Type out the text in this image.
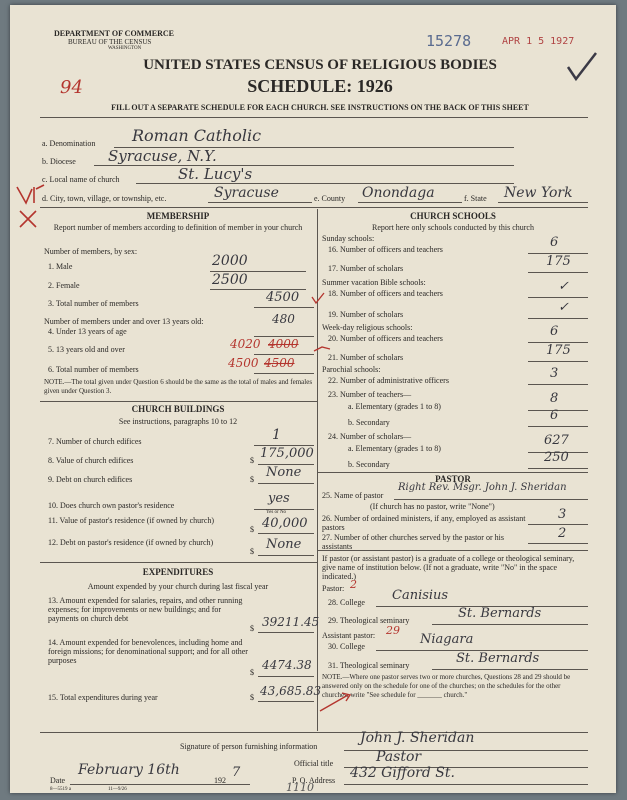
DEPARTMENT OF COMMERCE
BUREAU OF THE CENSUS
WASHINGTON	15278	APR 1 5 1927
UNITED STATES CENSUS OF RELIGIOUS BODIES
SCHEDULE: 1926
94
FILL OUT A SEPARATE SCHEDULE FOR EACH CHURCH. SEE INSTRUCTIONS ON THE BACK OF THIS SHEET
a. Denomination Roman Catholic
b. Diocese Syracuse, N.Y.
c. Local name of church	St. Lucy's
d. City, town, village, or township, etc.	Syracuse	e. County Onondaga	f. State New York
MEMBERSHIP
Report number of members according to definition of member in your church
Number of members, by sex:
1. Male	2000
2. Female	2500
3. Total number of members	4500
Number of members under and over 13 years old:
4. Under 13 years of age
480
5. 13 years old and over	4020 4000
6. Total number of members	4500 4500
NOTE.—The total given under Question 6 should be the same as the total of males and females given under Question 3.
CHURCH BUILDINGS
See instructions, paragraphs 10 to 12
7. Number of church edifices	1
8. Value of church edifices	$ 175,000
9. Debt on church edifices	$ None
10. Does church own pastor's residence	yes
Yes or No
11. Value of pastor's residence (if owned by church)
$ 40,000
12. Debt on pastor's residence (if owned by church)
$ None
EXPENDITURES
Amount expended by your church during last fiscal year
13. Amount expended for salaries, repairs, and other running expenses; for improvements or new buildings; and for payments on church debt
$ 39211.45
14. Amount expended for benevolences, including home and foreign missions; for denominational support; and for all other purposes
$
4474.38
15. Total expenditures during year	$ 43,685.83
CHURCH SCHOOLS
Report here only schools conducted by this church
Sunday schools:
16. Number of officers and teachers	6
17. Number of scholars	175
Summer vacation Bible schools:
18. Number of officers and teachers	✓
19. Number of scholars	✓
Week-day religious schools:
20. Number of officers and teachers	6
21. Number of scholars	175
Parochial schools:
22. Number of administrative officers	3
23. Number of teachers—
a. Elementary (grades 1 to 8)
8
b. Secondary	6
24. Number of scholars—
a. Elementary (grades 1 to 8)
627
b. Secondary	250
PASTOR
25. Name of pastor
Right Rev. Msgr. John J. Sheridan
(If church has no pastor, write "None")
26. Number of ordained ministers, if any, employed as assistant pastors
3
27. Number of other churches served by the pastor or his assistants
2
If pastor (or assistant pastor) is a graduate of a college or theological seminary, give name of institution below. (If not a graduate, write "No" in the space indicated.)
Pastor: 2
28. College Canisius
29. Theological seminary	St. Bernards
Assistant pastor: 29
30. College	Niagara
31. Theological seminary	St. Bernards
NOTE.—Where one pastor serves two or more churches, Questions 28 and 29 should be answered only on the schedule for one of the churches; on the schedules for the other churches, write "See schedule for _______ church."
Signature of person furnishing information
John J. Sheridan
Official title	Pastor
Date
February 16th
192
7
P. O. Address 432 Gifford St.
8—5519 a	11—9/26	1110
